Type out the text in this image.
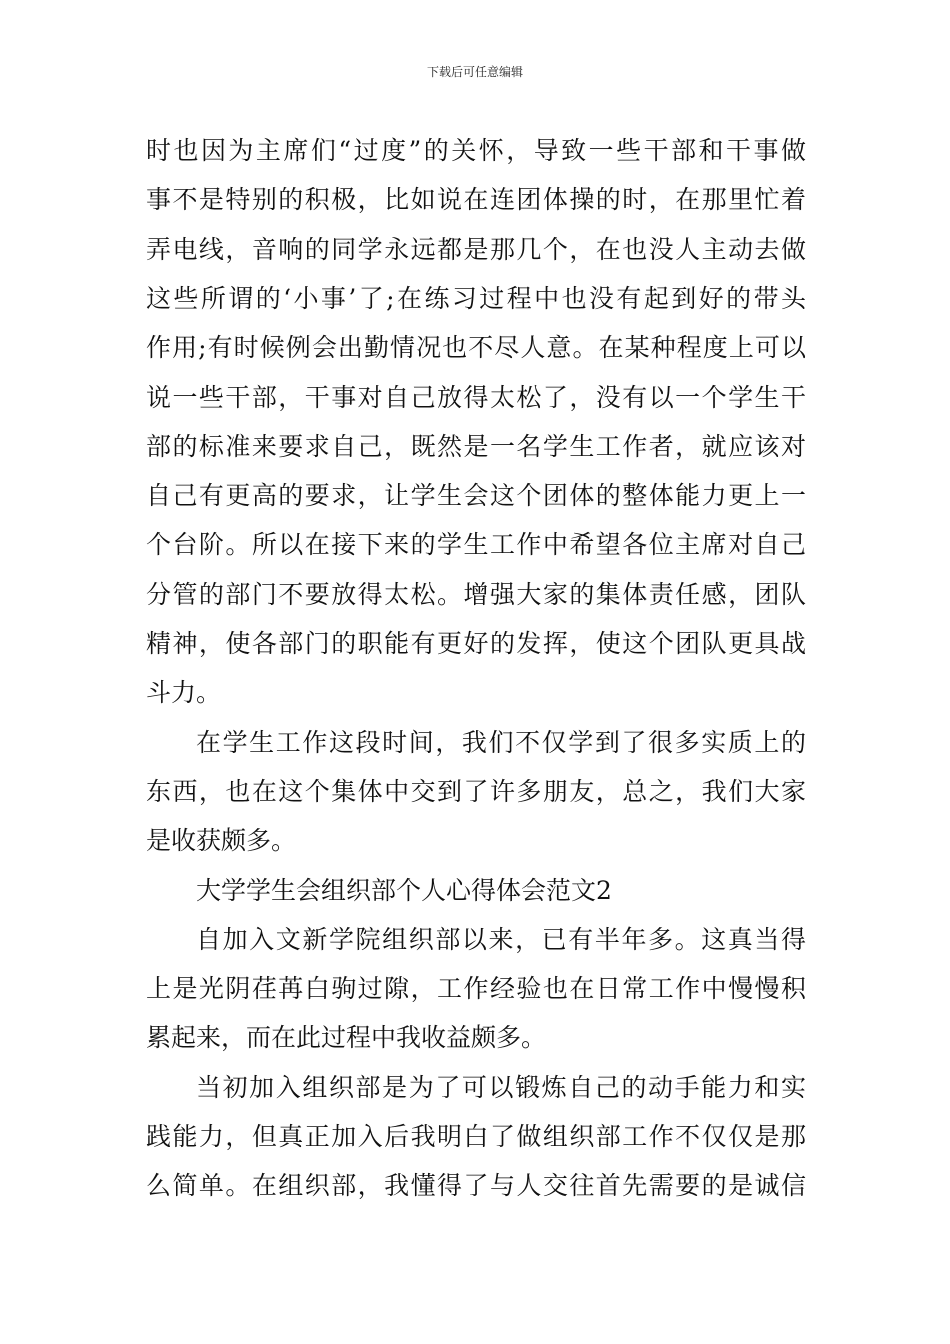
下载后可任意编辑
时也因为主席们“过度”的关怀，导致一些干部和干事做
事不是特别的积极，比如说在连团体操的时，在那里忙着
弄电线，音响的同学永远都是那几个，在也没人主动去做
这些所谓的‘小事’了;在练习过程中也没有起到好的带头
作用;有时候例会出勤情况也不尽人意。在某种程度上可以
说一些干部，干事对自己放得太松了，没有以一个学生干
部的标准来要求自己，既然是一名学生工作者，就应该对
自己有更高的要求，让学生会这个团体的整体能力更上一
个台阶。所以在接下来的学生工作中希望各位主席对自己
分管的部门不要放得太松。增强大家的集体责任感，团队
精神，使各部门的职能有更好的发挥，使这个团队更具战
斗力。
在学生工作这段时间，我们不仅学到了很多实质上的
东西，也在这个集体中交到了许多朋友，总之，我们大家
是收获颇多。
大学学生会组织部个人心得体会范文2
自加入文新学院组织部以来，已有半年多。这真当得
上是光阴荏苒白驹过隙，工作经验也在日常工作中慢慢积
累起来，而在此过程中我收益颇多。
当初加入组织部是为了可以锻炼自己的动手能力和实
践能力，但真正加入后我明白了做组织部工作不仅仅是那
么简单。在组织部，我懂得了与人交往首先需要的是诚信
